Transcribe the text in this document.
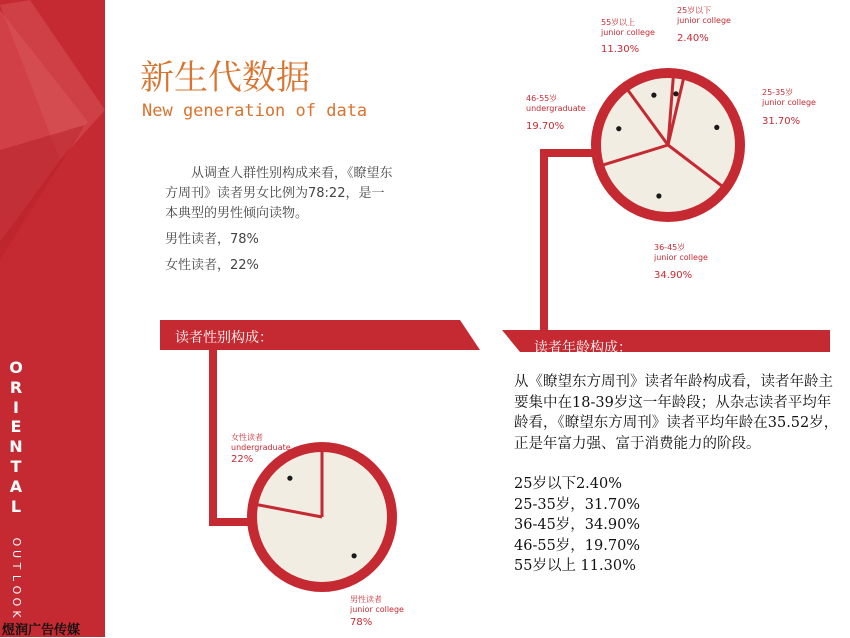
O
R
I
E
N
T
A
L
O
U
T
L
O
O
K
煜润广告传媒
新生代数据
New generation of data

从调查人群性别构成来看，《瞭望东方周刊》读者男女比例为78:22，是一本典型的男性倾向读物。

男性读者，78%

女性读者，22%

读者性别构成：
读者年龄构成：
25岁以下
junior college
2.40%
25-35岁
junior college
31.70%
36-45岁
junior college
34.90%
46-55岁
undergraduate
19.70%
55岁以上
junior college
11.30%
女性读者
undergraduate
22%
男性读者
junior college
78%

从《瞭望东方周刊》读者年龄构成看，读者年龄主要集中在18-39岁这一年龄段；从杂志读者平均年龄看，《瞭望东方周刊》读者平均年龄在35.52岁，正是年富力强、富于消费能力的阶段。

25岁以下2.40%
25-35岁，31.70%
36-45岁，34.90%
46-55岁，19.70%
55岁以上 11.30%
